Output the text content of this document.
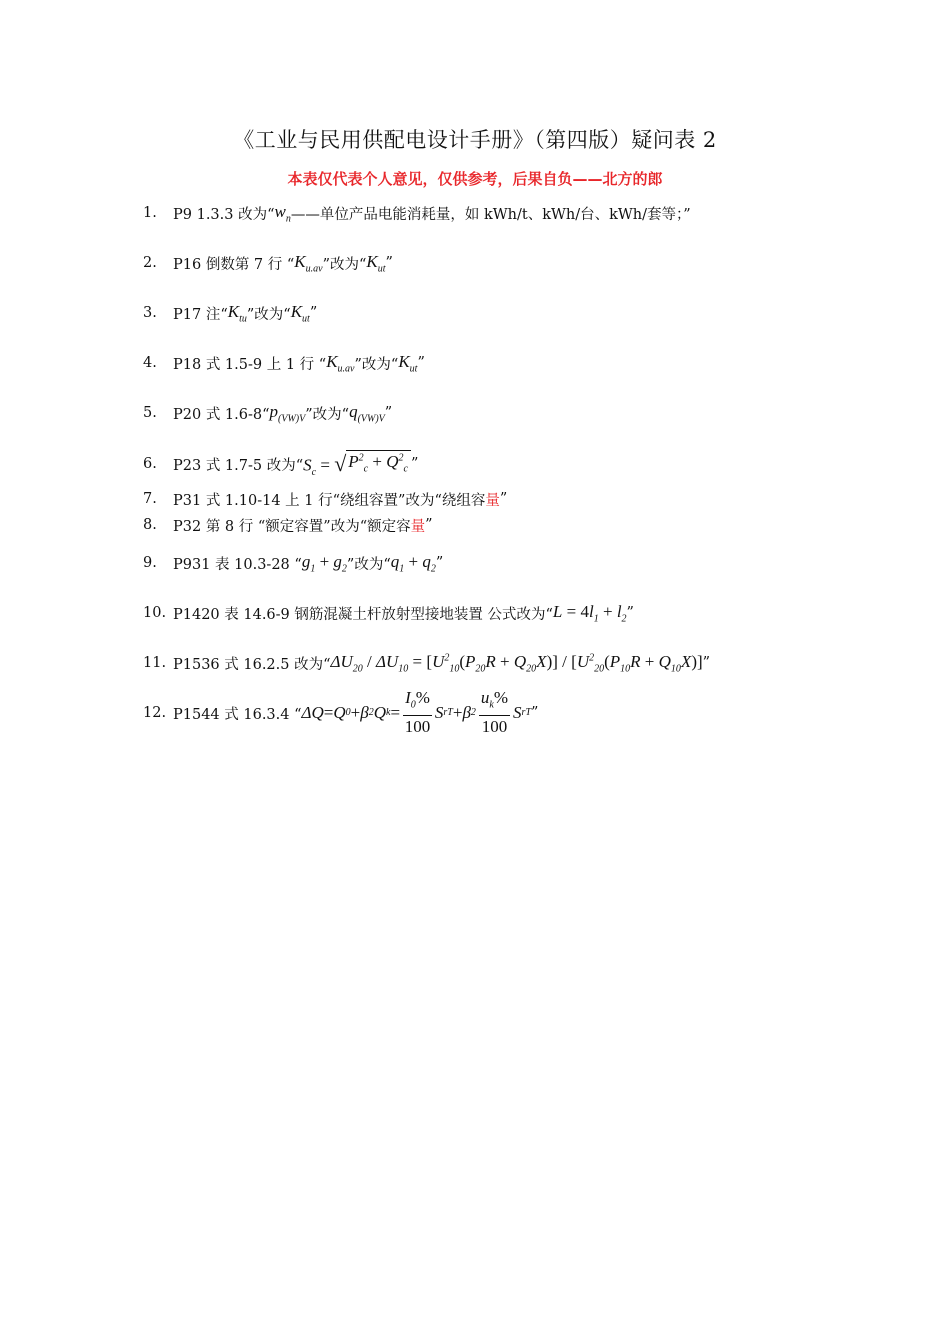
《工业与民用供配电设计手册》（第四版）疑问表 2
本表仅代表个人意见，仅供参考，后果自负——北方的郎
1.	P9 1.3.3 改为“ $w_n$ ——单位产品电能消耗量，如 kWh/t、kWh/台、kWh/套等；”
2.	P16 倒数第 7 行 “ $K_{u.av}$ ”改为“ $K_{ut}$ ”
3.	P17 注“ $K_{tu}$ ”改为“ $K_{ut}$ ”
4.	P18 式 1.5-9 上 1 行 “ $K_{u.av}$ ”改为“ $K_{ut}$ ”
5.	P20 式 1.6-8“ $p_{(VW)V}$ ”改为“ $q_{(VW)V}$ ”
6.	P23 式 1.7-5 改为“ $S_c$ = √ $P^2_c + Q^2_c$ ”
7.	P31 式 1.10-14 上 1 行“绕组容置”改为“绕组容 量 ”
8.	P32 第 8 行 “额定容置”改为“额定容 量 ”
9.	P931 表 10.3-28 “ $g_1 + g_2$ ”改为“ $q_1 + q_2$ ”
10. P1420 表 14.6-9 钢筋混凝土杆放射型接地装置 公式改为“ $L = 4l_1 + l_2$ ”
11. P1536 式 16.2.5 改为“ $\Delta U_{20} / \Delta U_{10} = [U^2_{10}(P_{20}R + Q_{20}X)] / [U^2_{20}(P_{10}R + Q_{10}X)]$ ”
12. P1544 式 16.3.4 “ ΔQ = Q 0 + β 2 Q $k = \frac{I_0\%}{100}$ S rT + β $2 \frac{u_k\%}{100}$ S rT ”
